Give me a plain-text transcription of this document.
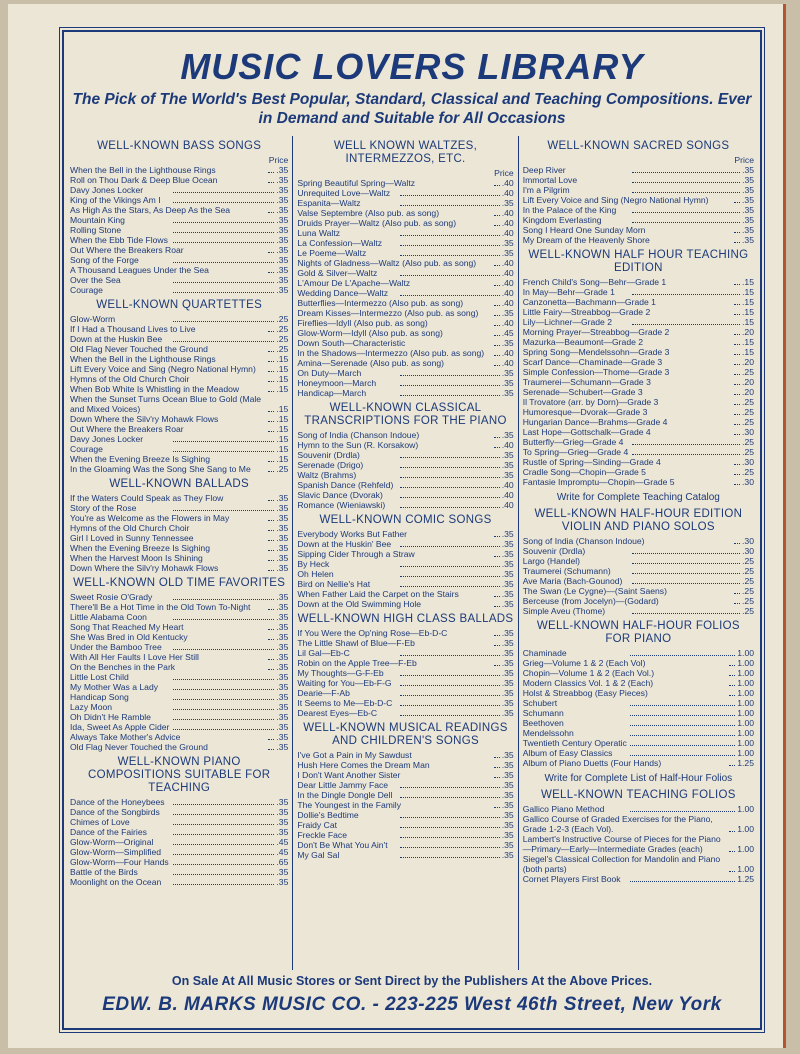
MUSIC LOVERS LIBRARY
The Pick of The World's Best Popular, Standard, Classical and Teaching Compositions. Ever in Demand and Suitable for All Occasions
WELL-KNOWN BASS SONGS
Price
When the Bell in the Lighthouse Rings	.35
Roll on Thou Dark & Deep Blue Ocean	.35
Davy Jones Locker	.35
King of the Vikings Am I	.35
As High As the Stars, As Deep As the Sea	.35
Mountain King	.35
Rolling Stone	.35
When the Ebb Tide Flows	.35
Out Where the Breakers Roar	.35
Song of the Forge	.35
A Thousand Leagues Under the Sea	.35
Over the Sea	.35
Courage	.35
WELL-KNOWN QUARTETTES
Glow-Worm	.25
If I Had a Thousand Lives to Live	.25
Down at the Huskin Bee	.25
Old Flag Never Touched the Ground	.25
When the Bell in the Lighthouse Rings	.15
Lift Every Voice and Sing (Negro National Hymn)	.15
Hymns of the Old Church Choir	.15
When Bob White Is Whistling in the Meadow	.15
When the Sunset Turns Ocean Blue to Gold (Male and Mixed Voices)	.15
Down Where the Silv'ry Mohawk Flows	.15
Out Where the Breakers Roar	.15
Davy Jones Locker	.15
Courage	.15
When the Evening Breeze Is Sighing	.15
In the Gloaming Was the Song She Sang to Me	.25
WELL-KNOWN BALLADS
If the Waters Could Speak as They Flow	.35
Story of the Rose	.35
You're as Welcome as the Flowers in May	.35
Hymns of the Old Church Choir	.35
Girl I Loved in Sunny Tennessee	.35
When the Evening Breeze Is Sighing	.35
When the Harvest Moon Is Shining	.35
Down Where the Silv'ry Mohawk Flows	.35
WELL-KNOWN OLD TIME FAVORITES
Sweet Rosie O'Grady	.35
There'll Be a Hot Time in the Old Town To-Night	.35
Little Alabama Coon	.35
Song That Reached My Heart	.35
She Was Bred in Old Kentucky	.35
Under the Bamboo Tree	.35
With All Her Faults I Love Her Still	.35
On the Benches in the Park	.35
Little Lost Child	.35
My Mother Was a Lady	.35
Handicap Song	.35
Lazy Moon	.35
Oh Didn't He Ramble	.35
Ida, Sweet As Apple Cider	.35
Always Take Mother's Advice	.35
Old Flag Never Touched the Ground	.35
WELL-KNOWN PIANO COMPOSITIONS SUITABLE FOR TEACHING
Dance of the Honeybees	.35
Dance of the Songbirds	.35
Chimes of Love	.35
Dance of the Fairies	.35
Glow-Worm—Original	.45
Glow-Worm—Simplified	.45
Glow-Worm—Four Hands	.65
Battle of the Birds	.35
Moonlight on the Ocean	.35
WELL KNOWN WALTZES, INTERMEZZOS, ETC.
Price
Spring Beautiful Spring—Waltz	.40
Unrequited Love—Waltz	.40
Espanita—Waltz	.35
Valse Septembre (Also pub. as song)	.40
Druids Prayer—Waltz (Also pub. as song)	.40
Luna Waltz	.40
La Confession—Waltz	.35
Le Poeme—Waltz	.35
Nights of Gladness—Waltz (Also pub. as song)	.40
Gold & Silver—Waltz	.40
L'Amour De L'Apache—Waltz	.40
Wedding Dance—Waltz	.40
Butterflies—Intermezzo (Also pub. as song)	.40
Dream Kisses—Intermezzo (Also pub. as song)	.35
Fireflies—Idyll (Also pub. as song)	.40
Glow-Worm—Idyll (Also pub. as song)	.45
Down South—Characteristic	.35
In the Shadows—Intermezzo (Also pub. as song)	.40
Amina—Serenade (Also pub. as song)	.40
On Duty—March	.35
Honeymoon—March	.35
Handicap—March	.35
WELL-KNOWN CLASSICAL TRANSCRIPTIONS FOR THE PIANO
Song of India (Chanson Indoue)	.35
Hymn to the Sun (R. Korsakow)	.40
Souvenir (Drdla)	.35
Serenade (Drigo)	.35
Waltz (Brahms)	.35
Spanish Dance (Rehfeld)	.40
Slavic Dance (Dvorak)	.40
Romance (Wieniawski)	.40
WELL-KNOWN COMIC SONGS
Everybody Works But Father	.35
Down at the Huskin' Bee	.35
Sipping Cider Through a Straw	.35
By Heck	.35
Oh Helen	.35
Bird on Nellie's Hat	.35
When Father Laid the Carpet on the Stairs	.35
Down at the Old Swimming Hole	.35
WELL-KNOWN HIGH CLASS BALLADS
If You Were the Op'ning Rose—Eb-D-C	.35
The Little Shawl of Blue—F-Eb	.35
Lil Gal—Eb-C	.35
Robin on the Apple Tree—F-Eb	.35
My Thoughts—G-F-Eb	.35
Waiting for You—Eb-F-G	.35
Dearie—F-Ab	.35
It Seems to Me—Eb-D-C	.35
Dearest Eyes—Eb-C	.35
WELL-KNOWN MUSICAL READINGS AND CHILDREN'S SONGS
I've Got a Pain in My Sawdust	.35
Hush Here Comes the Dream Man	.35
I Don't Want Another Sister	.35
Dear Little Jammy Face	.35
In the Dingle Dongle Dell	.35
The Youngest in the Family	.35
Dollie's Bedtime	.35
Fraidy Cat	.35
Freckle Face	.35
Don't Be What You Ain't	.35
My Gal Sal	.35
WELL-KNOWN SACRED SONGS
Price
Deep River	.35
Immortal Love	.35
I'm a Pilgrim	.35
Lift Every Voice and Sing (Negro National Hymn)	.35
In the Palace of the King	.35
Kingdom Everlasting	.35
Song I Heard One Sunday Morn	.35
My Dream of the Heavenly Shore	.35
WELL-KNOWN HALF HOUR TEACHING EDITION
French Child's Song—Behr—Grade 1	.15
In May—Behr—Grade 1	.15
Canzonetta—Bachmann—Grade 1	.15
Little Fairy—Streabbog—Grade 2	.15
Lily—Lichner—Grade 2	.15
Morning Prayer—Streabbog—Grade 2	.20
Mazurka—Beaumont—Grade 2	.15
Spring Song—Mendelssohn—Grade 3	.15
Scarf Dance—Chaminade—Grade 3	.20
Simple Confession—Thome—Grade 3	.25
Traumerei—Schumann—Grade 3	.20
Serenade—Schubert—Grade 3	.20
Il Trovatore (arr. by Dorn)—Grade 3	.25
Humoresque—Dvorak—Grade 3	.25
Hungarian Dance—Brahms—Grade 4	.25
Last Hope—Gottschalk—Grade 4	.30
Butterfly—Grieg—Grade 4	.25
To Spring—Grieg—Grade 4	.25
Rustle of Spring—Sinding—Grade 4	.30
Cradle Song—Chopin—Grade 5	.25
Fantasie Impromptu—Chopin—Grade 5	.30
Write for Complete Teaching Catalog
WELL-KNOWN HALF-HOUR EDITION VIOLIN AND PIANO SOLOS
Song of India (Chanson Indoue)	.30
Souvenir (Drdla)	.30
Largo (Handel)	.25
Traumerei (Schumann)	.25
Ave Maria (Bach-Gounod)	.25
The Swan (Le Cygne)—(Saint Saens)	.25
Berceuse (from Jocelyn)—(Godard)	.25
Simple Aveu (Thome)	.25
WELL-KNOWN HALF-HOUR FOLIOS FOR PIANO
Chaminade	1.00
Grieg—Volume 1 & 2 (Each Vol)	1.00
Chopin—Volume 1 & 2 (Each Vol.)	1.00
Modern Classics Vol. 1 & 2 (Each)	1.00
Holst & Streabbog (Easy Pieces)	1.00
Schubert	1.00
Schumann	1.00
Beethoven	1.00
Mendelssohn	1.00
Twentieth Century Operatic	1.00
Album of Easy Classics	1.00
Album of Piano Duetts (Four Hands)	1.25
Write for Complete List of Half-Hour Folios
WELL-KNOWN TEACHING FOLIOS
Gallico Piano Method	1.00
Gallico Course of Graded Exercises for the Piano, Grade 1-2-3 (Each Vol).	1.00
Lambert's Instructive Course of Pieces for the Piano—Primary—Early—Intermediate Grades (each)	1.00
Siegel's Classical Collection for Mandolin and Piano (both parts)	1.00
Cornet Players First Book	1.25
On Sale At All Music Stores or Sent Direct by the Publishers At the Above Prices.
EDW. B. MARKS MUSIC CO. - 223-225 West 46th Street, New York
